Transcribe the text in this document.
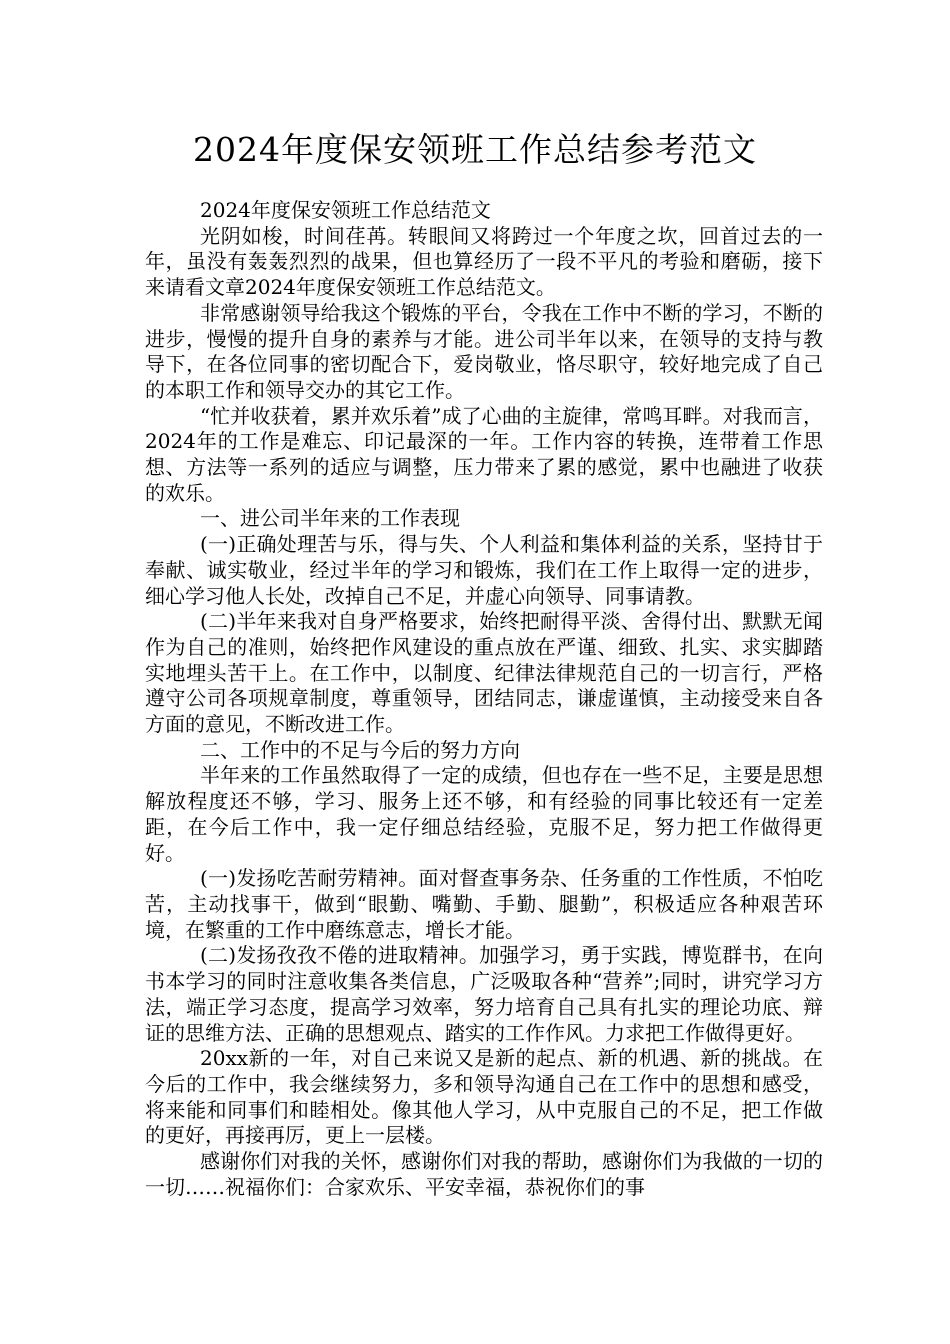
2024年度保安领班工作总结参考范文

2024年度保安领班工作总结范文

光阴如梭，时间荏苒。转眼间又将跨过一个年度之坎，回首过去的一年，虽没有轰轰烈烈的战果，但也算经历了一段不平凡的考验和磨砺，接下来请看文章2024年度保安领班工作总结范文。

非常感谢领导给我这个锻炼的平台，令我在工作中不断的学习，不断的进步，慢慢的提升自身的素养与才能。进公司半年以来，在领导的支持与教导下，在各位同事的密切配合下，爱岗敬业，恪尽职守，较好地完成了自己的本职工作和领导交办的其它工作。

“忙并收获着，累并欢乐着”成了心曲的主旋律，常鸣耳畔。对我而言，2024年的工作是难忘、印记最深的一年。工作内容的转换，连带着工作思想、方法等一系列的适应与调整，压力带来了累的感觉，累中也融进了收获的欢乐。

一、进公司半年来的工作表现

(一)正确处理苦与乐，得与失、个人利益和集体利益的关系，坚持甘于奉献、诚实敬业，经过半年的学习和锻炼，我们在工作上取得一定的进步，细心学习他人长处，改掉自己不足，并虚心向领导、同事请教。

(二)半年来我对自身严格要求，始终把耐得平淡、舍得付出、默默无闻作为自己的准则，始终把作风建设的重点放在严谨、细致、扎实、求实脚踏实地埋头苦干上。在工作中，以制度、纪律法律规范自己的一切言行，严格遵守公司各项规章制度，尊重领导，团结同志，谦虚谨慎，主动接受来自各方面的意见，不断改进工作。

二、工作中的不足与今后的努力方向

半年来的工作虽然取得了一定的成绩，但也存在一些不足，主要是思想解放程度还不够，学习、服务上还不够，和有经验的同事比较还有一定差距，在今后工作中，我一定仔细总结经验，克服不足，努力把工作做得更好。

(一)发扬吃苦耐劳精神。面对督查事务杂、任务重的工作性质，不怕吃苦，主动找事干，做到“眼勤、嘴勤、手勤、腿勤”，积极适应各种艰苦环境，在繁重的工作中磨练意志，增长才能。

(二)发扬孜孜不倦的进取精神。加强学习，勇于实践，博览群书，在向书本学习的同时注意收集各类信息，广泛吸取各种“营养”;同时，讲究学习方法，端正学习态度，提高学习效率，努力培育自己具有扎实的理论功底、辩证的思维方法、正确的思想观点、踏实的工作作风。力求把工作做得更好。

20xx新的一年，对自己来说又是新的起点、新的机遇、新的挑战。在今后的工作中，我会继续努力，多和领导沟通自己在工作中的思想和感受，将来能和同事们和睦相处。像其他人学习，从中克服自己的不足，把工作做的更好，再接再厉，更上一层楼。

感谢你们对我的关怀，感谢你们对我的帮助，感谢你们为我做的一切的一切……祝福你们：合家欢乐、平安幸福，恭祝你们的事
